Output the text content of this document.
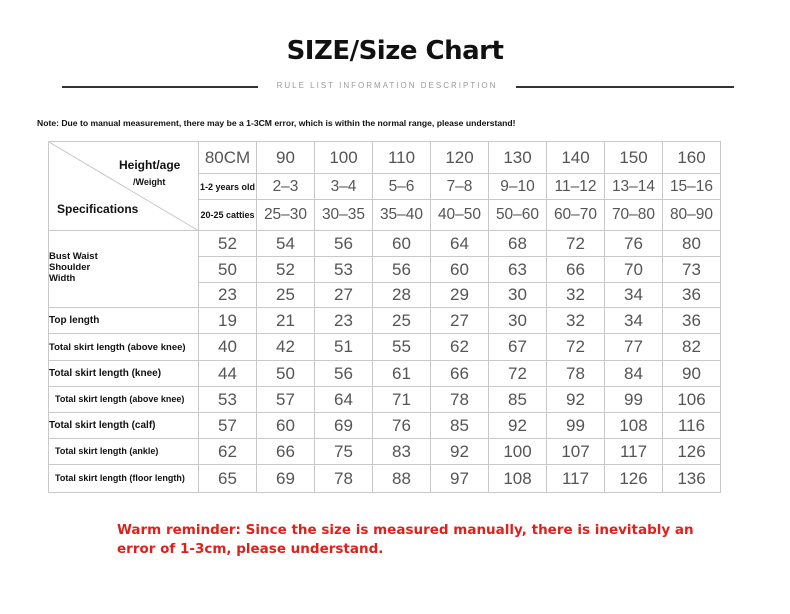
SIZE/Size Chart
RULE LIST INFORMATION DESCRIPTION
Note: Due to manual measurement, there may be a 1-3CM error, which is within the normal range, please understand!
Height/age
/Weight
Specifications	80CM	90	100	110	120	130	140	150	160
	1-2 years old	2–3	3–4	5–6	7–8	9–10	11–12	13–14	15–16
	20-25 catties	25–30	30–35	35–40	40–50	50–60	60–70	70–80	80–90

Bust Waist
Shoulder
Width	52	54	56	60	64	68	72	76	80
	50	52	53	56	60	63	66	70	73
	23	25	27	28	29	30	32	34	36
Top length	19	21	23	25	27	30	32	34	36
Total skirt length (above knee)	40	42	51	55	62	67	72	77	82
Total skirt length (knee)	44	50	56	61	66	72	78	84	90
Total skirt length (above knee)	53	57	64	71	78	85	92	99	106
Total skirt length (calf)	57	60	69	76	85	92	99	108	116
Total skirt length (ankle)	62	66	75	83	92	100	107	117	126
Total skirt length (floor length)	65	69	78	88	97	108	117	126	136
Warm reminder: Since the size is measured manually, there is inevitably an error of 1-3cm, please understand.
